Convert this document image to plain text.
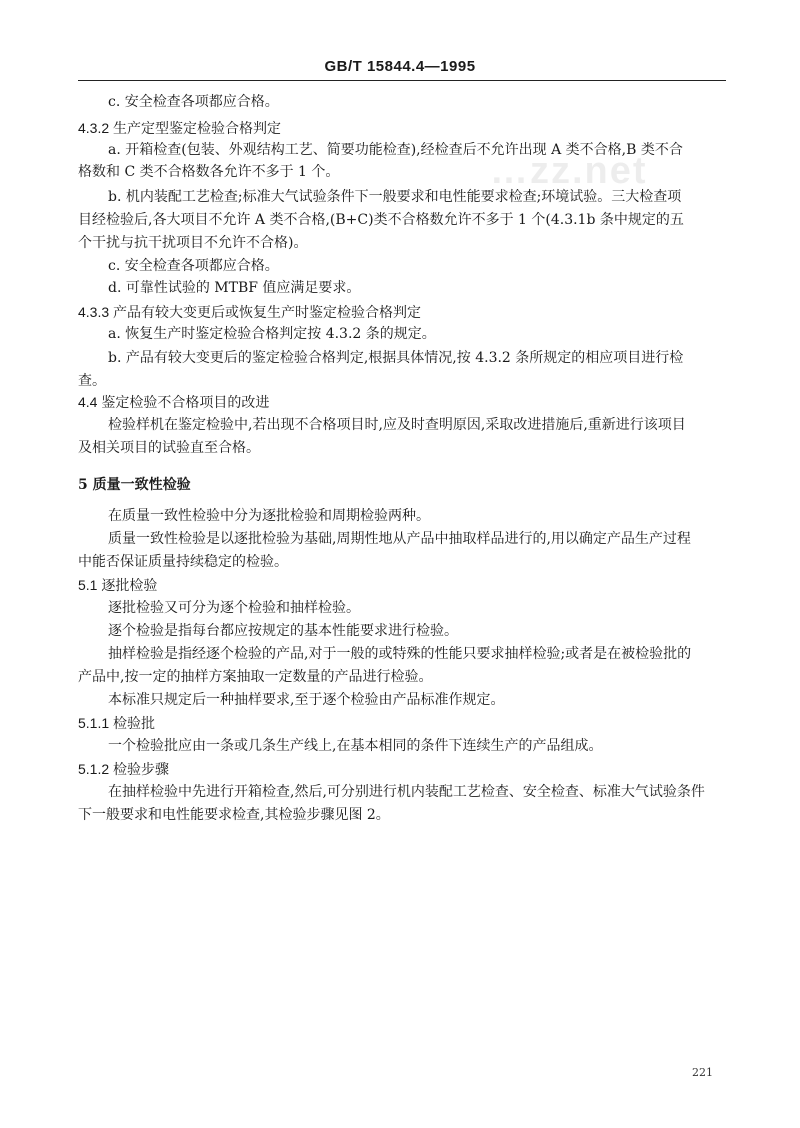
GB/T 15844.4—1995
…zz.net
c. 安全检查各项都应合格。
4.3.2 生产定型鉴定检验合格判定
a. 开箱检查(包装、外观结构工艺、简要功能检查),经检查后不允许出现 A 类不合格,B 类不合
格数和 C 类不合格数各允许不多于 1 个。
b. 机内装配工艺检查;标准大气试验条件下一般要求和电性能要求检查;环境试验。三大检查项
目经检验后,各大项目不允许 A 类不合格,(B+C)类不合格数允许不多于 1 个(4.3.1b 条中规定的五
个干扰与抗干扰项目不允许不合格)。
c. 安全检查各项都应合格。
d. 可靠性试验的 MTBF 值应满足要求。
4.3.3 产品有较大变更后或恢复生产时鉴定检验合格判定
a. 恢复生产时鉴定检验合格判定按 4.3.2 条的规定。
b. 产品有较大变更后的鉴定检验合格判定,根据具体情况,按 4.3.2 条所规定的相应项目进行检
查。
4.4 鉴定检验不合格项目的改进
检验样机在鉴定检验中,若出现不合格项目时,应及时查明原因,采取改进措施后,重新进行该项目
及相关项目的试验直至合格。
5 质量一致性检验
在质量一致性检验中分为逐批检验和周期检验两种。
质量一致性检验是以逐批检验为基础,周期性地从产品中抽取样品进行的,用以确定产品生产过程
中能否保证质量持续稳定的检验。
5.1 逐批检验
逐批检验又可分为逐个检验和抽样检验。
逐个检验是指每台都应按规定的基本性能要求进行检验。
抽样检验是指经逐个检验的产品,对于一般的或特殊的性能只要求抽样检验;或者是在被检验批的
产品中,按一定的抽样方案抽取一定数量的产品进行检验。
本标准只规定后一种抽样要求,至于逐个检验由产品标准作规定。
5.1.1 检验批
一个检验批应由一条或几条生产线上,在基本相同的条件下连续生产的产品组成。
5.1.2 检验步骤
在抽样检验中先进行开箱检查,然后,可分别进行机内装配工艺检查、安全检查、标准大气试验条件
下一般要求和电性能要求检查,其检验步骤见图 2。
221
